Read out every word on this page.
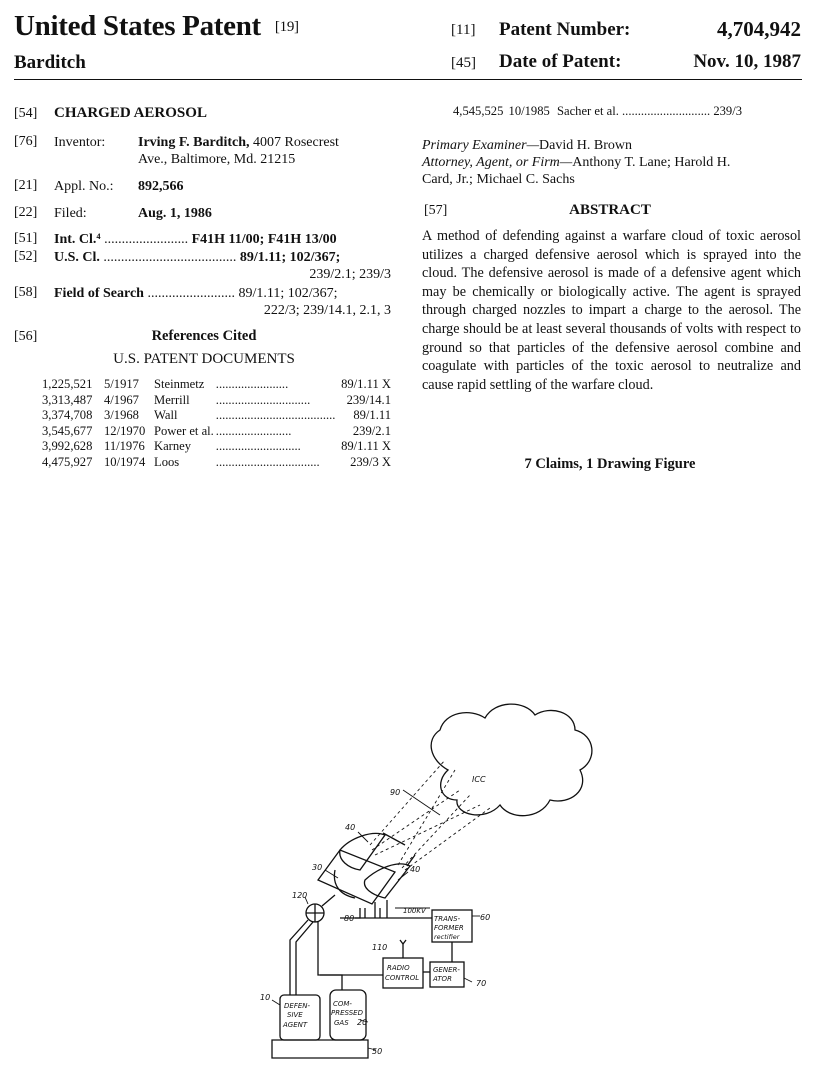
United States Patent [19]
Barditch
[11] Patent Number:	4,704,942
[45] Date of Patent:	Nov. 10, 1987
[54] CHARGED AEROSOL
[76] Inventor: Irving F. Barditch, 4007 Rosecrest
Ave., Baltimore, Md. 21215
[21] Appl. No.: 892,566
[22] Filed:	Aug. 1, 1986
[51] Int. Cl.⁴ ........................ F41H 11/00; F41H 13/00
[52] U.S. Cl. ...................................... 89/1.11; 102/367;
239/2.1; 239/3
[58] Field of Search ......................... 89/1.11; 102/367;
222/3; 239/14.1, 2.1, 3
[56]	References Cited
U.S. PATENT DOCUMENTS
1,225,521	5/1917	Steinmetz	.......................	89/1.11 X
3,313,487	4/1967	Merrill	..............................	239/14.1
3,374,708	3/1968	Wall	......................................	89/1.11
3,545,677	12/1970	Power et al.	........................	239/2.1
3,992,628	11/1976	Karney	...........................	89/1.11 X
4,475,927	10/1974	Loos	.................................	239/3 X
4,545,525 10/1985 Sacher et al. ............................ 239/3
Primary Examiner—David H. Brown
Attorney, Agent, or Firm—Anthony T. Lane; Harold H.
Card, Jr.; Michael C. Sachs
[57]	ABSTRACT
A method of defending against a warfare cloud of toxic aerosol utilizes a charged defensive aerosol which is sprayed into the cloud. The defensive aerosol is made of a defensive agent which may be chemically or biologically active. The agent is sprayed through charged nozzles to impart a charge to the aerosol. The charge should be at least several thousands of volts with respect to ground so that particles of the defensive aerosol combine and coagulate with particles of the toxic aerosol to neutralize and cause rapid settling of the warfare cloud.
7 Claims, 1 Drawing Figure
ICC
90
40
40
30
120
80
100KV
60
TRANS-
FORMER
rectifier
110
RADIO
CONTROL
GENER-
ATOR	70
10
DEFEN-
SIVE
AGENT
COM-
PRESSED
GAS 20
50
